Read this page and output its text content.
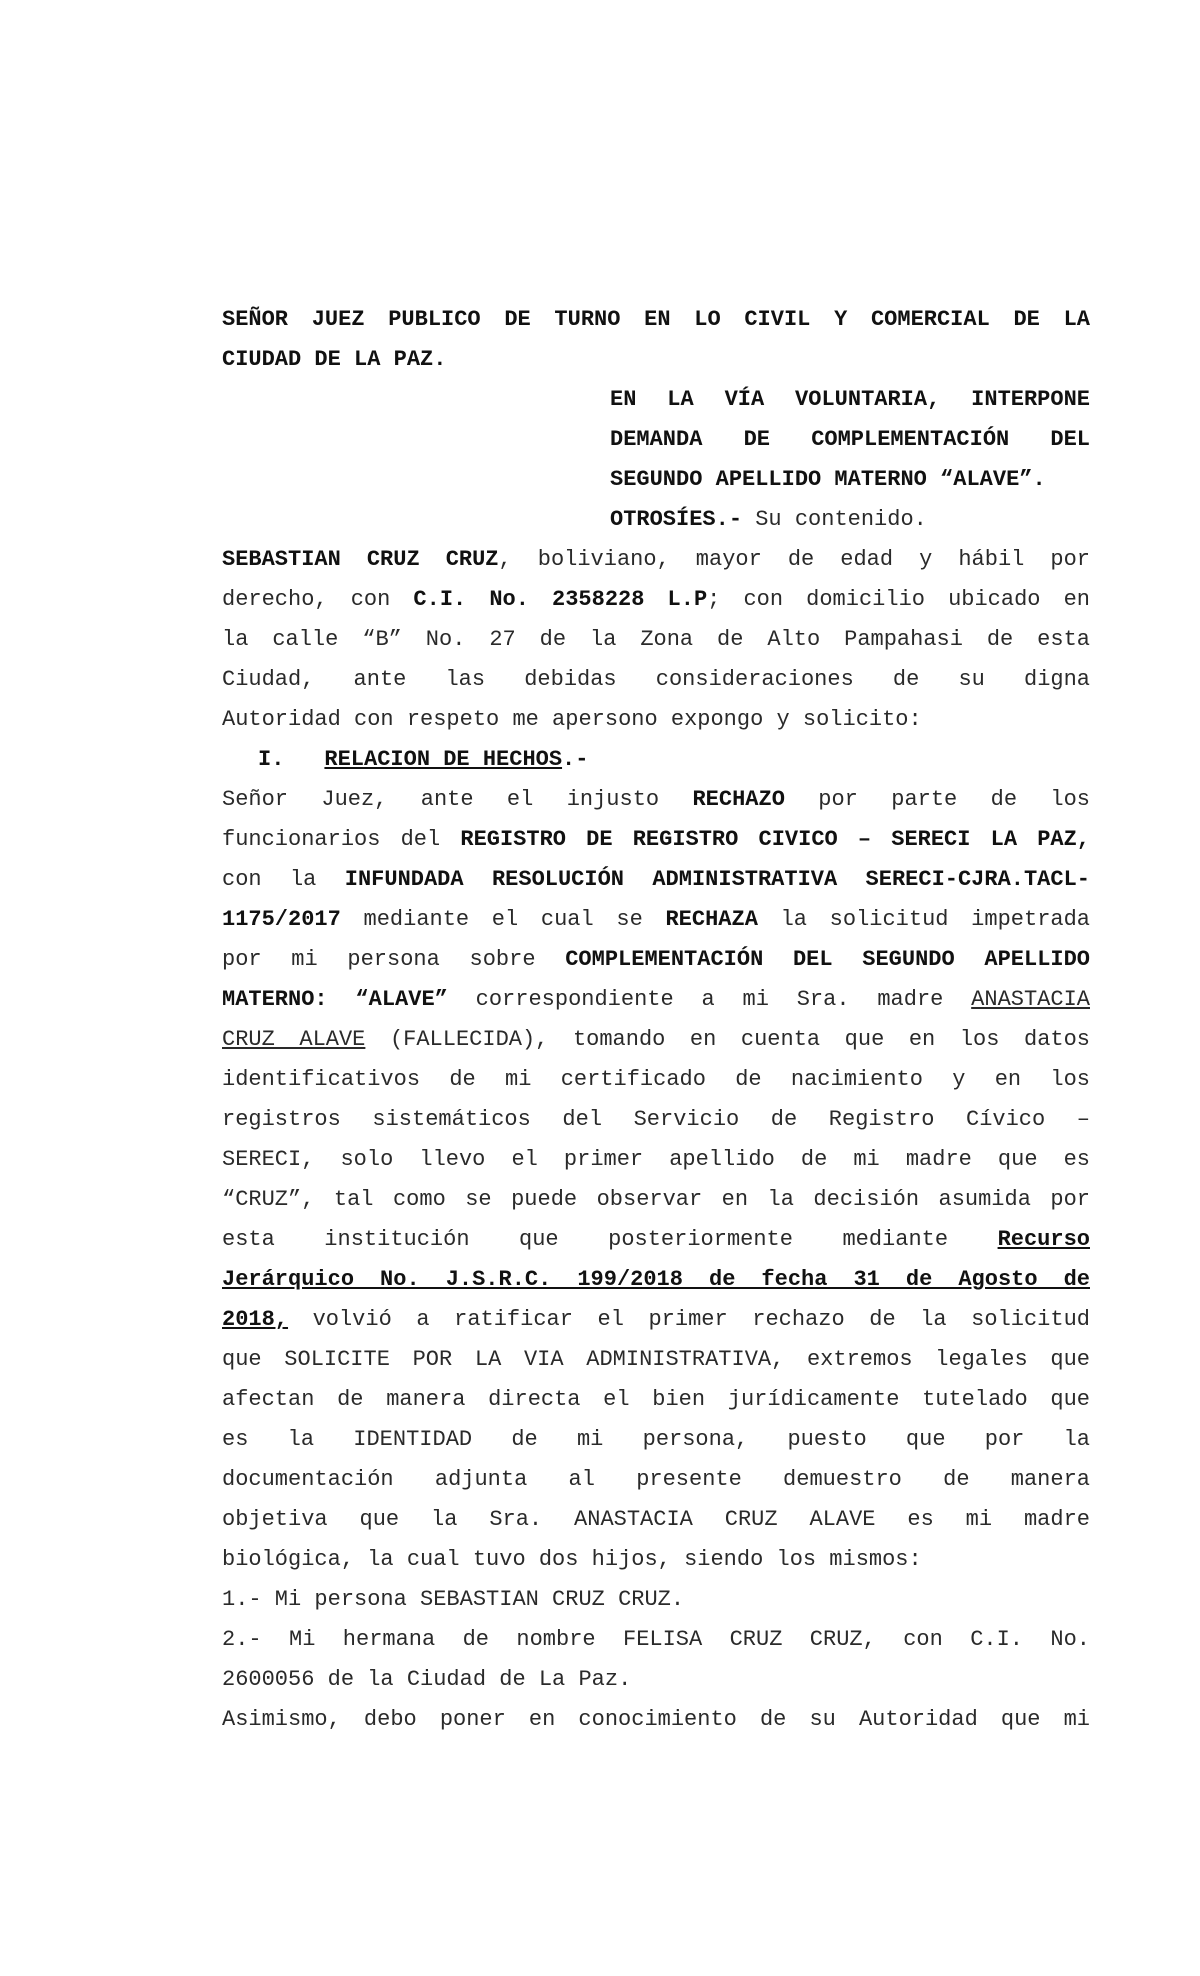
SEÑOR JUEZ PUBLICO DE TURNO EN LO CIVIL Y COMERCIAL DE LA
CIUDAD DE LA PAZ.
EN LA VÍA VOLUNTARIA, INTERPONE
DEMANDA DE COMPLEMENTACIÓN DEL
SEGUNDO APELLIDO MATERNO “ALAVE”.
OTROSÍES.- Su contenido.
SEBASTIAN CRUZ CRUZ, boliviano, mayor de edad y hábil por
derecho, con C.I. No. 2358228 L.P; con domicilio ubicado en
la calle “B” No. 27 de la Zona de Alto Pampahasi de esta
Ciudad, ante las debidas consideraciones de su digna
Autoridad con respeto me apersono expongo y solicito:
I. RELACION DE HECHOS.-
Señor Juez, ante el injusto RECHAZO por parte de los
funcionarios del REGISTRO DE REGISTRO CIVICO – SERECI LA PAZ,
con la INFUNDADA RESOLUCIÓN ADMINISTRATIVA SERECI-CJRA.TACL-
1175/2017 mediante el cual se RECHAZA la solicitud impetrada
por mi persona sobre COMPLEMENTACIÓN DEL SEGUNDO APELLIDO
MATERNO: “ALAVE” correspondiente a mi Sra. madre ANASTACIA
CRUZ ALAVE (FALLECIDA), tomando en cuenta que en los datos
identificativos de mi certificado de nacimiento y en los
registros sistemáticos del Servicio de Registro Cívico –
SERECI, solo llevo el primer apellido de mi madre que es
“CRUZ”, tal como se puede observar en la decisión asumida por
esta institución que posteriormente mediante Recurso
Jerárquico No. J.S.R.C. 199/2018 de fecha 31 de Agosto de
2018, volvió a ratificar el primer rechazo de la solicitud
que SOLICITE POR LA VIA ADMINISTRATIVA, extremos legales que
afectan de manera directa el bien jurídicamente tutelado que
es la IDENTIDAD de mi persona, puesto que por la
documentación adjunta al presente demuestro de manera
objetiva que la Sra. ANASTACIA CRUZ ALAVE es mi madre
biológica, la cual tuvo dos hijos, siendo los mismos:
1.- Mi persona SEBASTIAN CRUZ CRUZ.
2.- Mi hermana de nombre FELISA CRUZ CRUZ, con C.I. No.
2600056 de la Ciudad de La Paz.
Asimismo, debo poner en conocimiento de su Autoridad que mi
